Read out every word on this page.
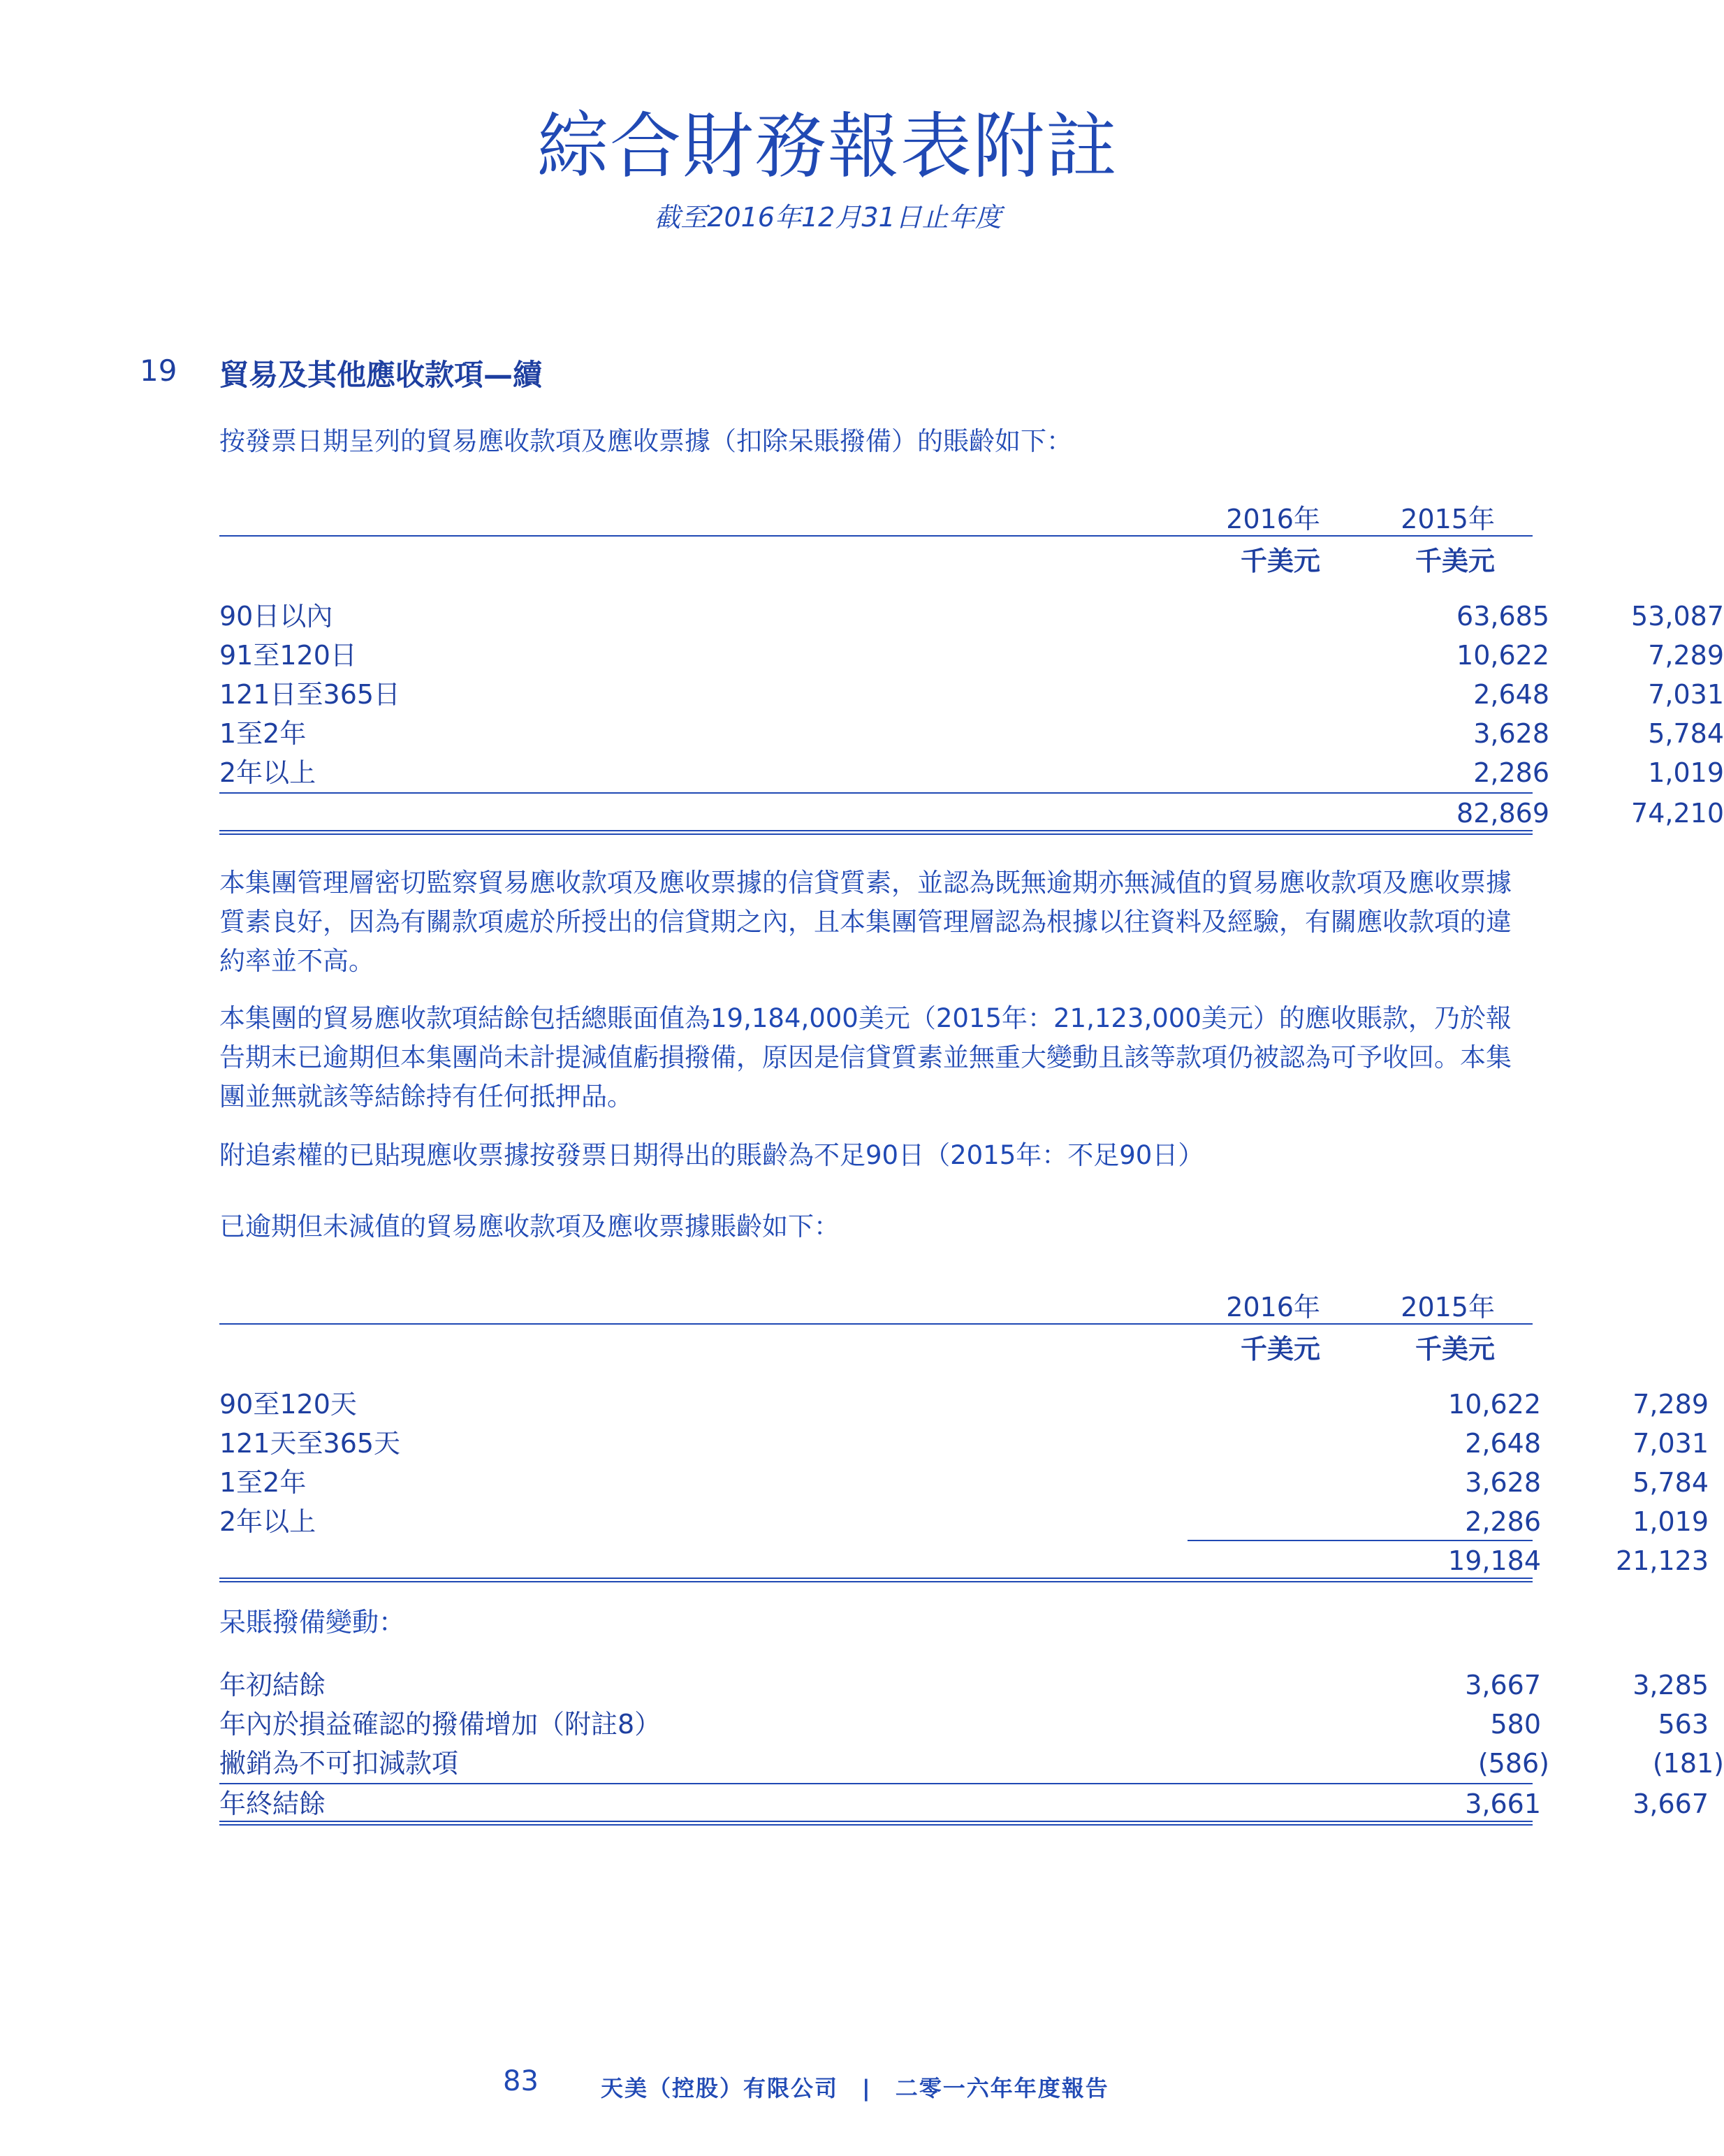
綜合財務報表附註
截至2016年12月31日止年度
19 貿易及其他應收款項—續
按發票日期呈列的貿易應收款項及應收票據（扣除呆賬撥備）的賬齡如下：
2016年	2015年
千美元	千美元
90日以內	63,685	53,087
91至120日	10,622	7,289
121日至365日	2,648	7,031
1至2年	3,628	5,784
2年以上	2,286	1,019
82,869	74,210
本集團管理層密切監察貿易應收款項及應收票據的信貸質素，並認為既無逾期亦無減值的貿易應收款項及應收票據質素良好，因為有關款項處於所授出的信貸期之內，且本集團管理層認為根據以往資料及經驗，有關應收款項的違約率並不高。
本集團的貿易應收款項結餘包括總賬面值為19,184,000美元（2015年：21,123,000美元）的應收賬款，乃於報告期末已逾期但本集團尚未計提減值虧損撥備，原因是信貸質素並無重大變動且該等款項仍被認為可予收回。本集團並無就該等結餘持有任何抵押品。
附追索權的已貼現應收票據按發票日期得出的賬齡為不足90日（2015年：不足90日）
已逾期但未減值的貿易應收款項及應收票據賬齡如下：
2016年	2015年
千美元	千美元
90至120天	10,622	7,289
121天至365天	2,648	7,031
1至2年	3,628	5,784
2年以上	2,286	1,019
19,184	21,123
呆賬撥備變動：
年初結餘	3,667	3,285
年內於損益確認的撥備增加（附註8）	580	563
撇銷為不可扣減款項	(586)	(181)
年終結餘	3,661	3,667
83	天美（控股）有限公司　|　二零一六年年度報告
